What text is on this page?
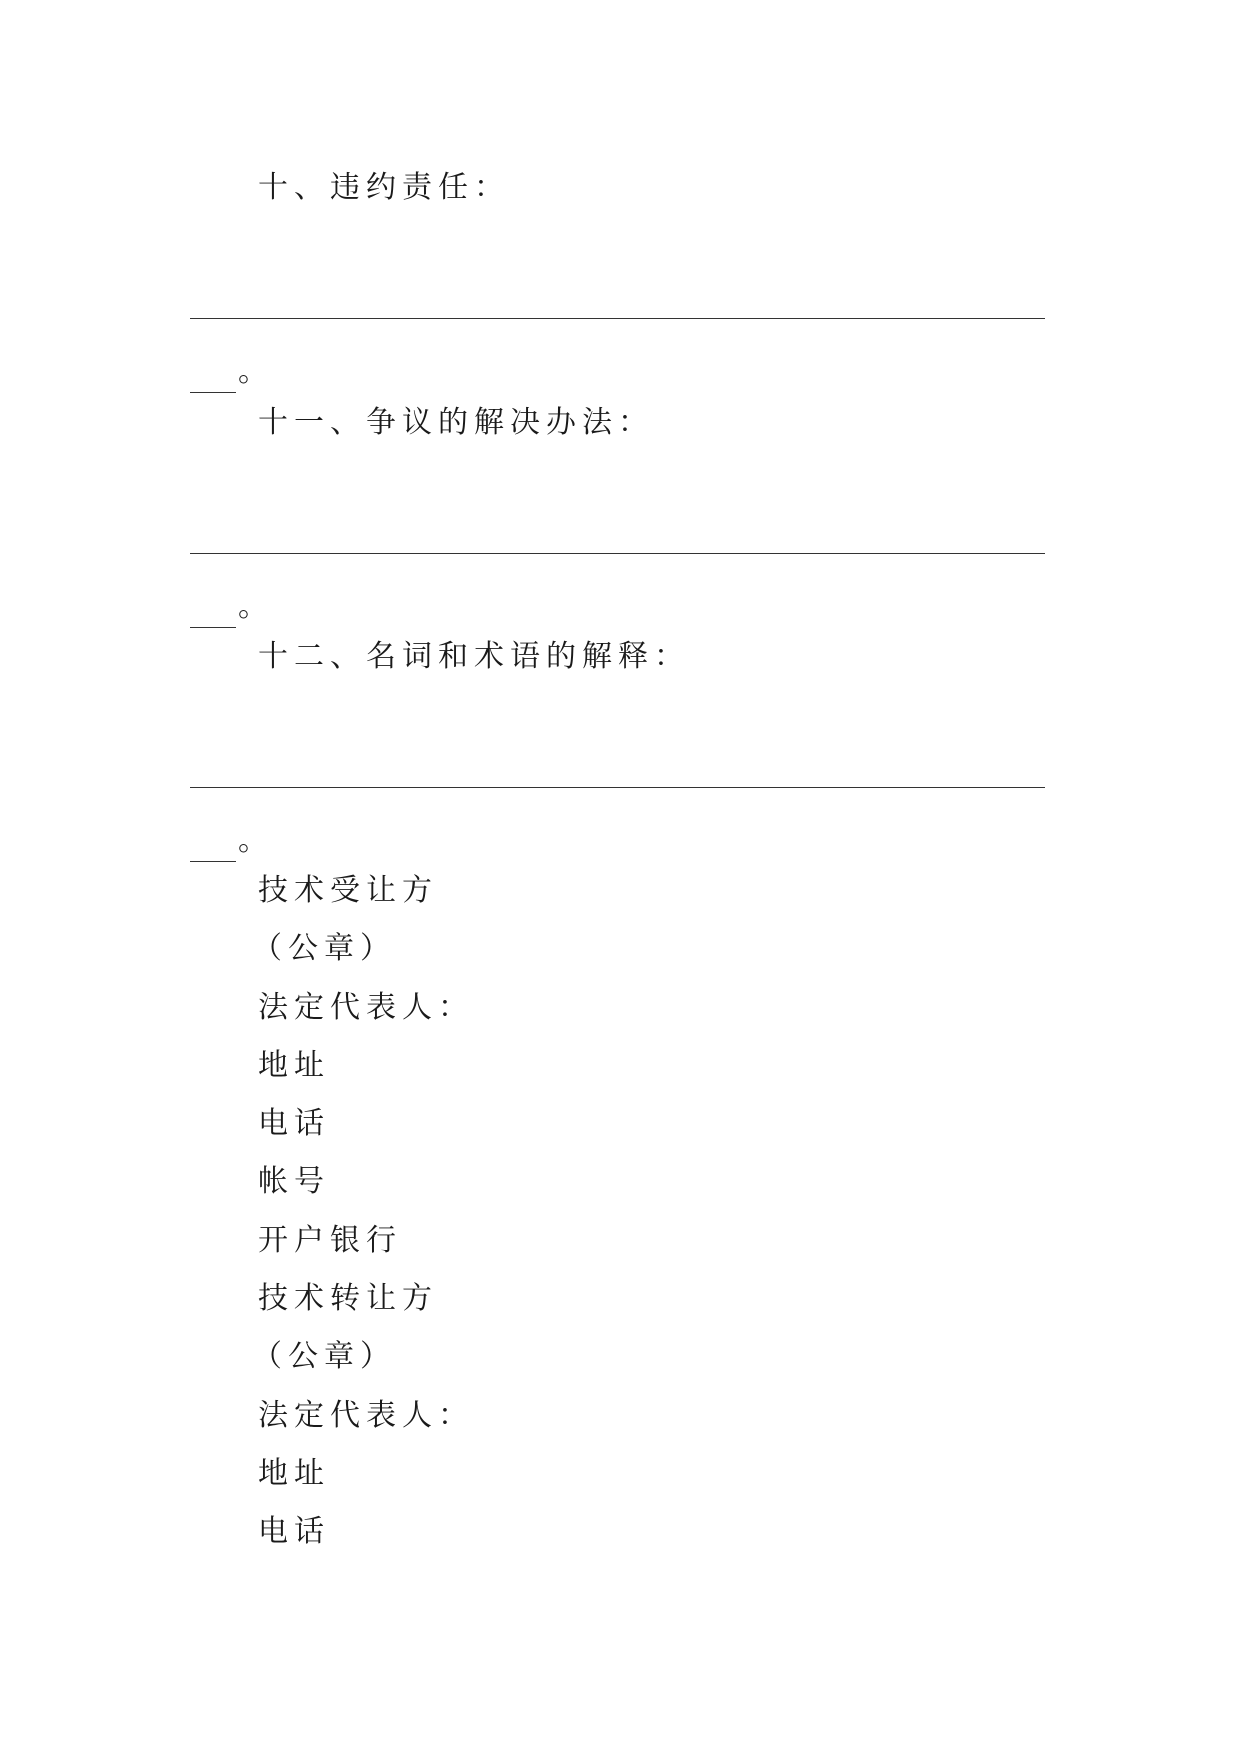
十、违约责任：
。
十一、争议的解决办法：
。
十二、名词和术语的解释：
。
技术受让方
（公章）
法定代表人：
地址
电话
帐号
开户银行
技术转让方
（公章）
法定代表人：
地址
电话
